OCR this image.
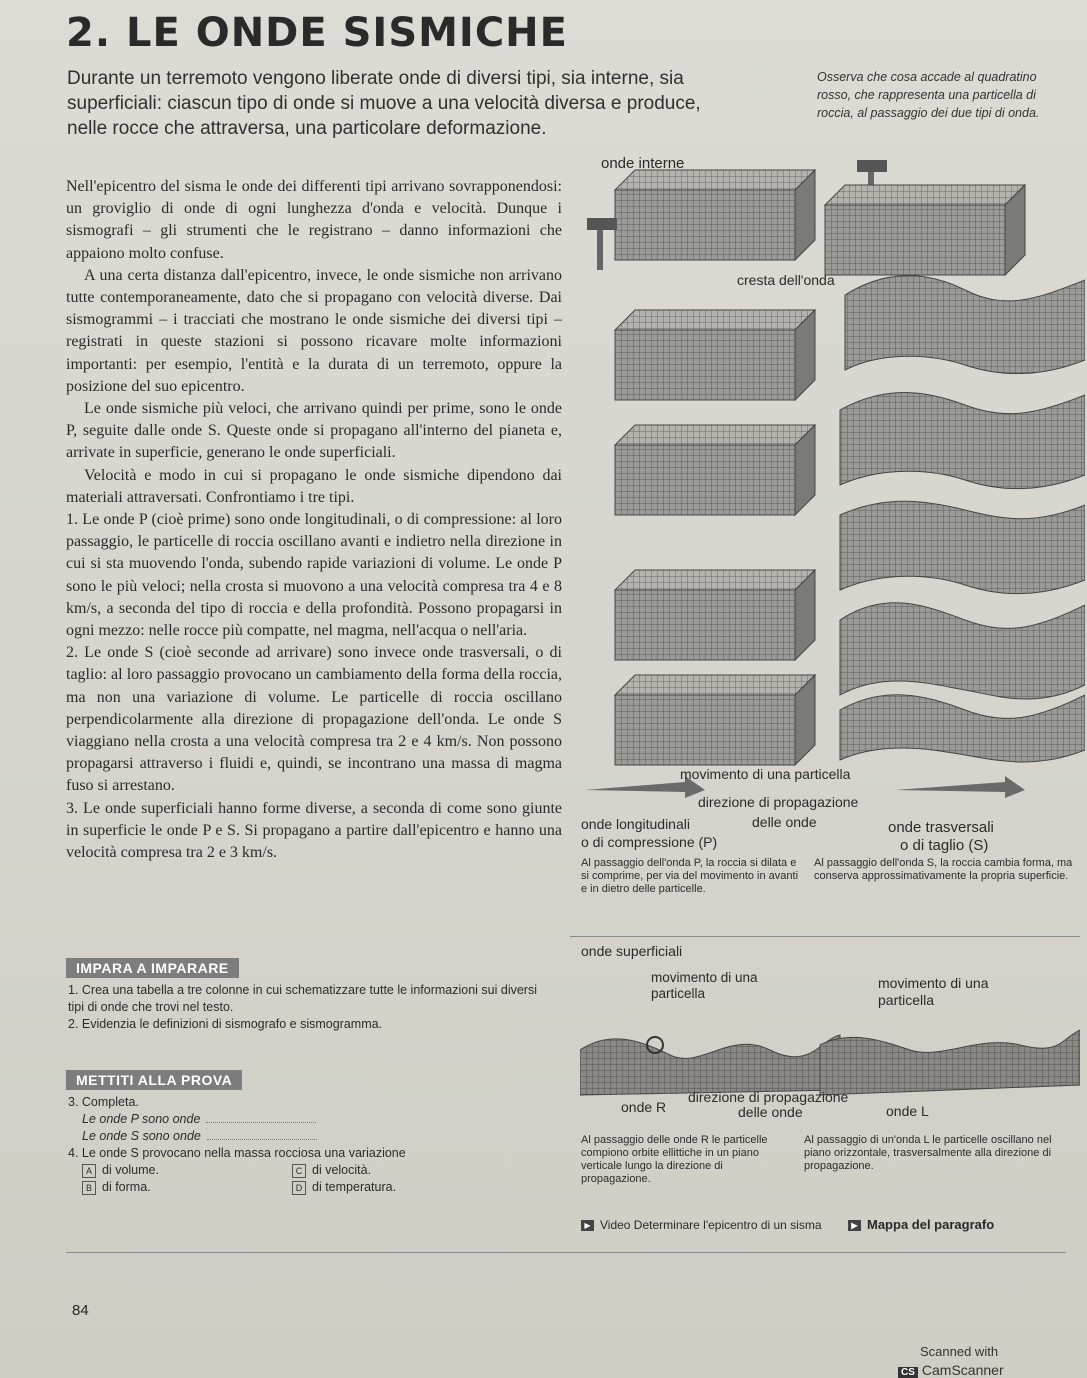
2. LE ONDE SISMICHE
Durante un terremoto vengono liberate onde di diversi tipi, sia interne, sia superficiali: ciascun tipo di onde si muove a una velocità diversa e produce, nelle rocce che attraversa, una particolare deformazione.
Osserva che cosa accade al quadratino rosso, che rappresenta una particella di roccia, al passaggio dei due tipi di onda.

Nell'epicentro del sisma le onde dei differenti tipi arrivano sovrapponendosi: un groviglio di onde di ogni lunghezza d'onda e velocità. Dunque i sismografi – gli strumenti che le registrano – danno informazioni che appaiono molto confuse.

A una certa distanza dall'epicentro, invece, le onde sismiche non arrivano tutte contemporaneamente, dato che si propagano con velocità diverse. Dai sismogrammi – i tracciati che mostrano le onde sismiche dei diversi tipi – registrati in queste stazioni si possono ricavare molte informazioni importanti: per esempio, l'entità e la durata di un terremoto, oppure la posizione del suo epicentro.

Le onde sismiche più veloci, che arrivano quindi per prime, sono le onde P, seguite dalle onde S. Queste onde si propagano all'interno del pianeta e, arrivate in superficie, generano le onde superficiali.

Velocità e modo in cui si propagano le onde sismiche dipendono dai materiali attraversati. Confrontiamo i tre tipi.

1. Le onde P (cioè prime) sono onde longitudinali, o di compressione: al loro passaggio, le particelle di roccia oscillano avanti e indietro nella direzione in cui si sta muovendo l'onda, subendo rapide variazioni di volume. Le onde P sono le più veloci; nella crosta si muovono a una velocità compresa tra 4 e 8 km/s, a seconda del tipo di roccia e della profondità. Possono propagarsi in ogni mezzo: nelle rocce più compatte, nel magma, nell'acqua o nell'aria.

2. Le onde S (cioè seconde ad arrivare) sono invece onde trasversali, o di taglio: al loro passaggio provocano un cambiamento della forma della roccia, ma non una variazione di volume. Le particelle di roccia oscillano perpendicolarmente alla direzione di propagazione dell'onda. Le onde S viaggiano nella crosta a una velocità compresa tra 2 e 4 km/s. Non possono propagarsi attraverso i fluidi e, quindi, se incontrano una massa di magma fuso si arrestano.

3. Le onde superficiali hanno forme diverse, a seconda di come sono giunte in superficie le onde P e S. Si propagano a partire dall'epicentro e hanno una velocità compresa tra 2 e 3 km/s.

IMPARA A IMPARARE
1. Crea una tabella a tre colonne in cui schematizzare tutte le informazioni sui diversi tipi di onde che trovi nel testo.
2. Evidenzia le definizioni di sismografo e sismogramma.
METTITI ALLA PROVA
3. Completa.
Le onde P sono onde
Le onde S sono onde
4. Le onde S provocano nella massa rocciosa una variazione
A di volume.	C di velocità.
B di forma.	D di temperatura.
onde interne
cresta dell'onda
movimento di una particella
direzione di propagazione
delle onde
onde longitudinali
o di compressione (P)
onde trasversali
o di taglio (S)
Al passaggio dell'onda P, la roccia si dilata e si comprime, per via del movimento in avanti e in dietro delle particelle.
Al passaggio dell'onda S, la roccia cambia forma, ma conserva approssimativamente la propria superficie.
onde superficiali
movimento di una particella
movimento di una particella
direzione di propagazione
delle onde
onde R	onde L
Al passaggio delle onde R le particelle compiono orbite ellittiche in un piano verticale lungo la direzione di propagazione.
Al passaggio di un'onda L le particelle oscillano nel piano orizzontale, trasversalmente alla direzione di propagazione.
▶ Video Determinare l'epicentro di un sisma	▶ Mappa del paragrafo
84
Scanned with
CS CamScanner
